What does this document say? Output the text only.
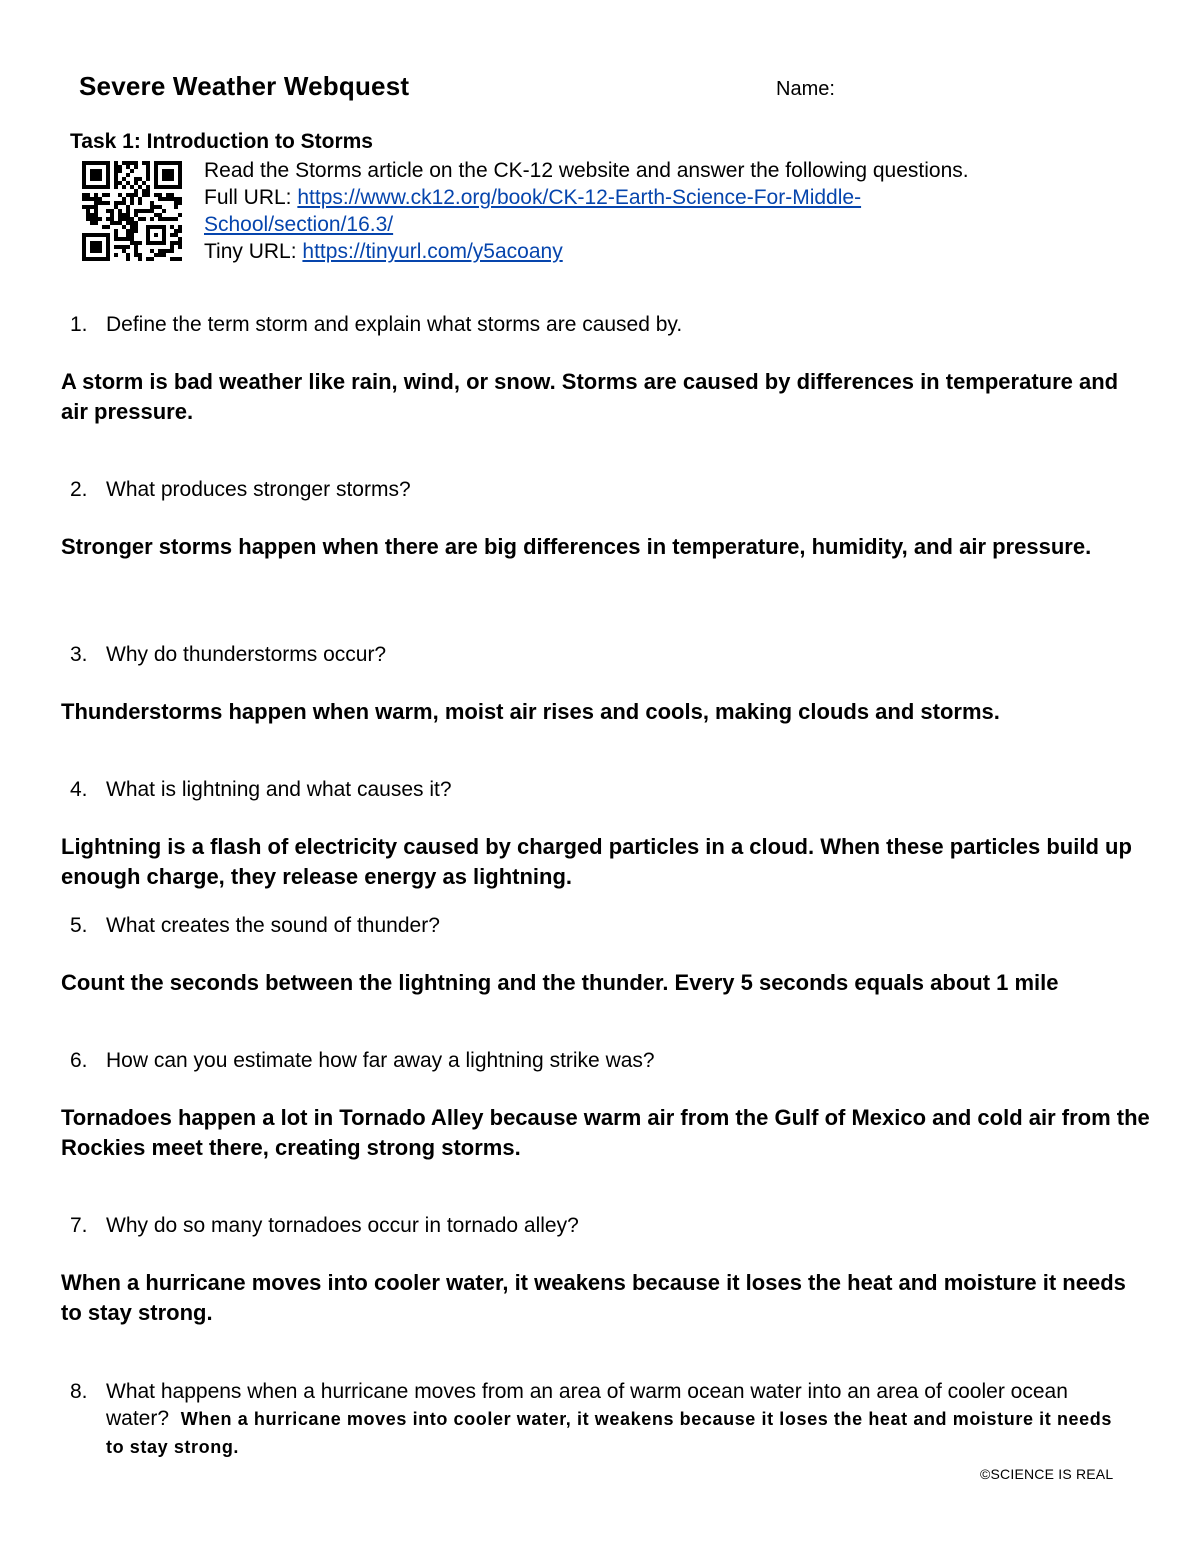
Severe Weather Webquest	Name:
Task 1: Introduction to Storms
Read the Storms article on the CK-12 website and answer the following questions.
Full URL: https://www.ck12.org/book/CK-12-Earth-Science-For-Middle-
School/section/16.3/
Tiny URL: https://tinyurl.com/y5acoany
1. Define the term storm and explain what storms are caused by.
A storm is bad weather like rain, wind, or snow. Storms are caused by differences in temperature and air pressure.
2. What produces stronger storms?
Stronger storms happen when there are big differences in temperature, humidity, and air pressure.
3. Why do thunderstorms occur?
Thunderstorms happen when warm, moist air rises and cools, making clouds and storms.
4. What is lightning and what causes it?
Lightning is a flash of electricity caused by charged particles in a cloud. When these particles build up enough charge, they release energy as lightning.
5. What creates the sound of thunder?
Count the seconds between the lightning and the thunder. Every 5 seconds equals about 1 mile
6. How can you estimate how far away a lightning strike was?
Tornadoes happen a lot in Tornado Alley because warm air from the Gulf of Mexico and cold air from the Rockies meet there, creating strong storms.
7. Why do so many tornadoes occur in tornado alley?
When a hurricane moves into cooler water, it weakens because it loses the heat and moisture it needs to stay strong.
8. What happens when a hurricane moves from an area of warm ocean water into an area of cooler ocean water? When a hurricane moves into cooler water, it weakens because it loses the heat and moisture it needs to stay strong.
©SCIENCE IS REAL
